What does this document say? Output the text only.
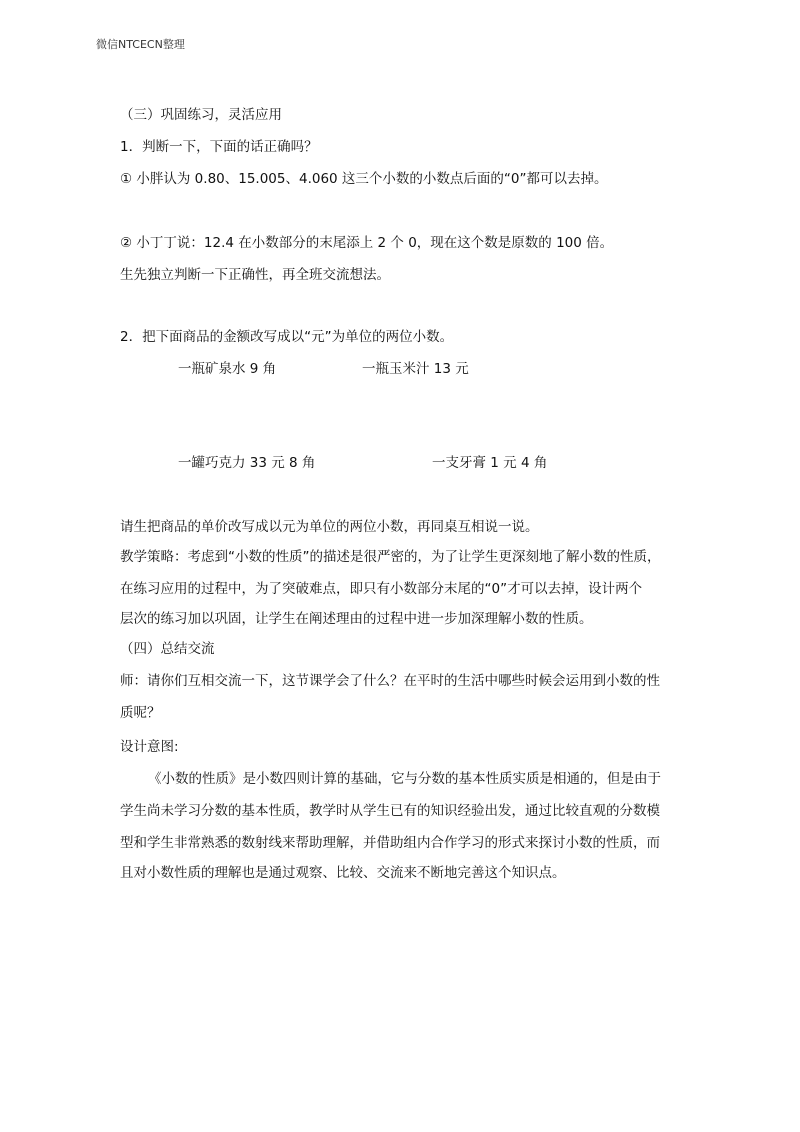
微信NTCECN整理
（三）巩固练习，灵活应用
1．判断一下，下面的话正确吗？
① 小胖认为 0.80、15.005、4.060 这三个小数的小数点后面的“0”都可以去掉。
② 小丁丁说：12.4 在小数部分的末尾添上 2 个 0，现在这个数是原数的 100 倍。
生先独立判断一下正确性，再全班交流想法。
2．把下面商品的金额改写成以“元”为单位的两位小数。
一瓶矿泉水 9 角	一瓶玉米汁 13 元
一罐巧克力 33 元 8 角	一支牙膏 1 元 4 角
请生把商品的单价改写成以元为单位的两位小数，再同桌互相说一说。
教学策略：考虑到“小数的性质”的描述是很严密的，为了让学生更深刻地了解小数的性质，
在练习应用的过程中，为了突破难点，即只有小数部分末尾的“0”才可以去掉，设计两个
层次的练习加以巩固，让学生在阐述理由的过程中进一步加深理解小数的性质。
（四）总结交流
师：请你们互相交流一下，这节课学会了什么？在平时的生活中哪些时候会运用到小数的性
质呢？
设计意图:
《小数的性质》是小数四则计算的基础，它与分数的基本性质实质是相通的，但是由于
学生尚未学习分数的基本性质，教学时从学生已有的知识经验出发，通过比较直观的分数模
型和学生非常熟悉的数射线来帮助理解，并借助组内合作学习的形式来探讨小数的性质，而
且对小数性质的理解也是通过观察、比较、交流来不断地完善这个知识点。
